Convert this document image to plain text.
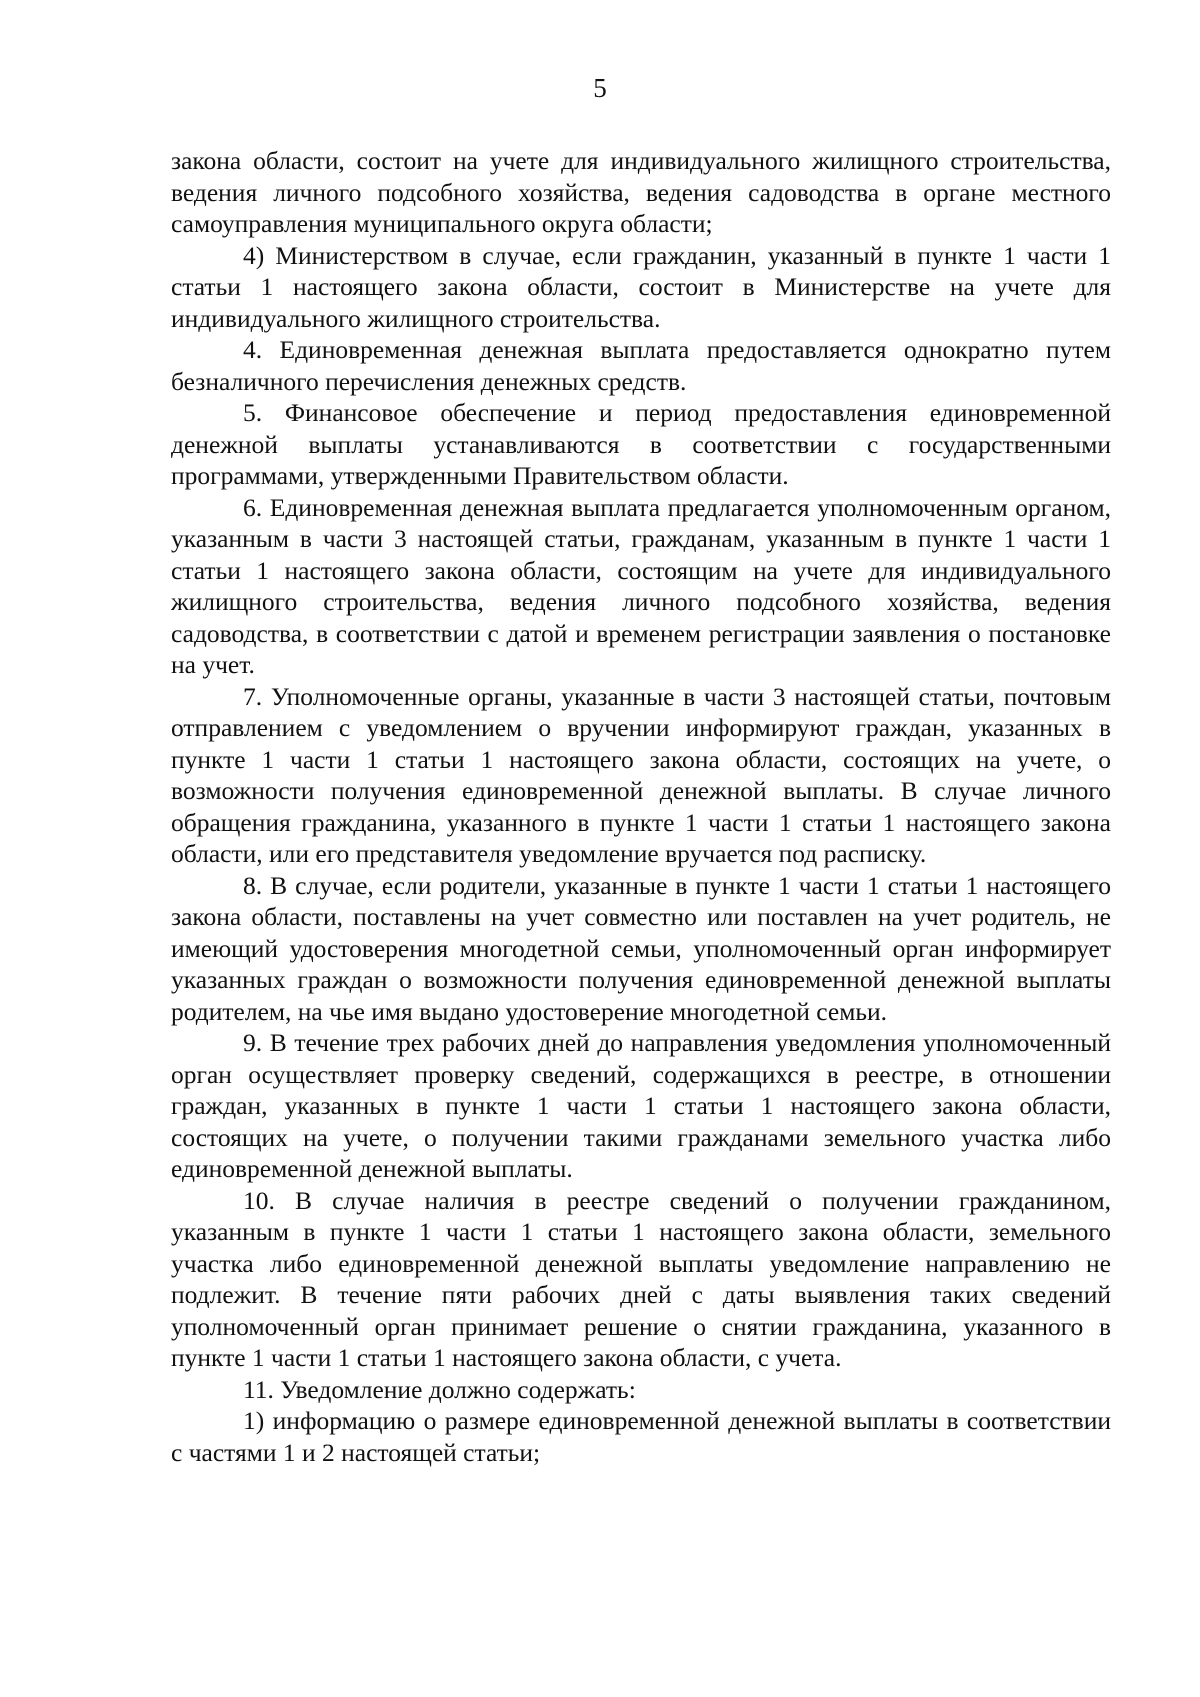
5

закона области, состоит на учете для индивидуального жилищного строительства, ведения личного подсобного хозяйства, ведения садоводства в органе местного самоуправления муниципального округа области;

4) Министерством в случае, если гражданин, указанный в пункте 1 части 1 статьи 1 настоящего закона области, состоит в Министерстве на учете для индивидуального жилищного строительства.

4. Единовременная денежная выплата предоставляется однократно путем безналичного перечисления денежных средств.

5. Финансовое обеспечение и период предоставления единовременной денежной выплаты устанавливаются в соответствии с государственными программами, утвержденными Правительством области.

6. Единовременная денежная выплата предлагается уполномоченным органом, указанным в части 3 настоящей статьи, гражданам, указанным в пункте 1 части 1 статьи 1 настоящего закона области, состоящим на учете для индивидуального жилищного строительства, ведения личного подсобного хозяйства, ведения садоводства, в соответствии с датой и временем регистрации заявления о постановке на учет.

7. Уполномоченные органы, указанные в части 3 настоящей статьи, почтовым отправлением с уведомлением о вручении информируют граждан, указанных в пункте 1 части 1 статьи 1 настоящего закона области, состоящих на учете, о возможности получения единовременной денежной выплаты. В случае личного обращения гражданина, указанного в пункте 1 части 1 статьи 1 настоящего закона области, или его представителя уведомление вручается под расписку.

8. В случае, если родители, указанные в пункте 1 части 1 статьи 1 настоящего закона области, поставлены на учет совместно или поставлен на учет родитель, не имеющий удостоверения многодетной семьи, уполномоченный орган информирует указанных граждан о возможности получения единовременной денежной выплаты родителем, на чье имя выдано удостоверение многодетной семьи.

9. В течение трех рабочих дней до направления уведомления уполномоченный орган осуществляет проверку сведений, содержащихся в реестре, в отношении граждан, указанных в пункте 1 части 1 статьи 1 настоящего закона области, состоящих на учете, о получении такими гражданами земельного участка либо единовременной денежной выплаты.

10. В случае наличия в реестре сведений о получении гражданином, указанным в пункте 1 части 1 статьи 1 настоящего закона области, земельного участка либо единовременной денежной выплаты уведомление направлению не подлежит. В течение пяти рабочих дней с даты выявления таких сведений уполномоченный орган принимает решение о снятии гражданина, указанного в пункте 1 части 1 статьи 1 настоящего закона области, с учета.

11. Уведомление должно содержать:

1) информацию о размере единовременной денежной выплаты в соответствии с частями 1 и 2 настоящей статьи;
